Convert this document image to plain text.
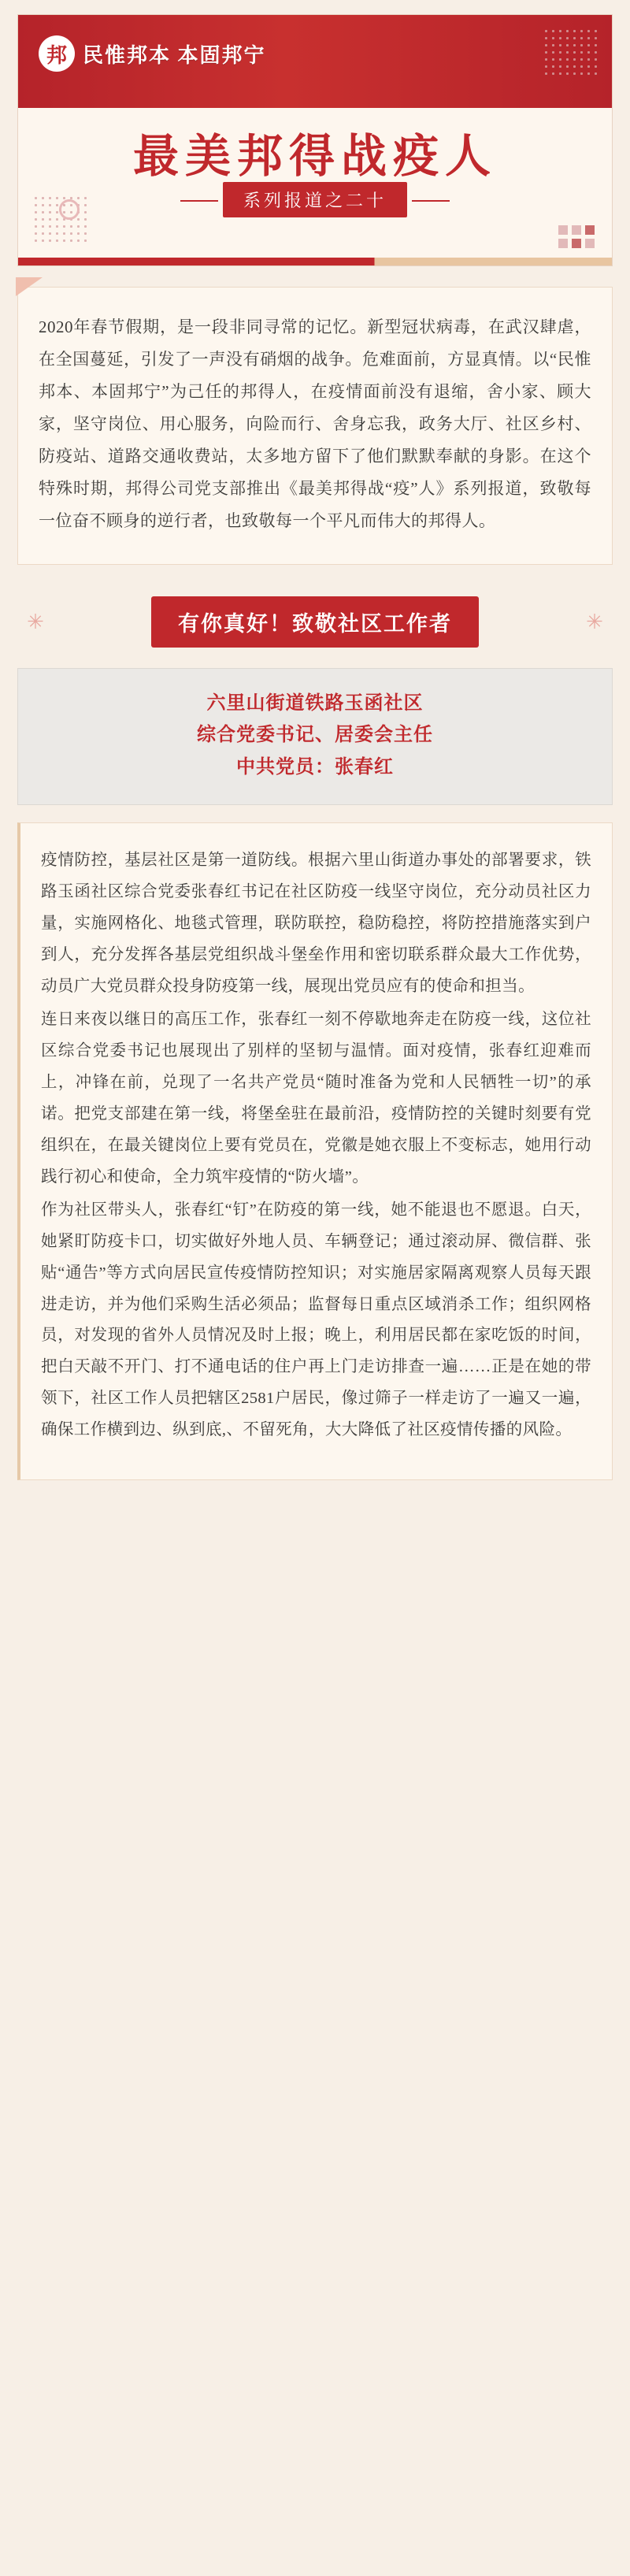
邦 民惟邦本 本固邦宁
最美邦得战疫人
系列报道之二十

2020年春节假期，是一段非同寻常的记忆。新型冠状病毒，在武汉肆虐，在全国蔓延，引发了一声没有硝烟的战争。危难面前，方显真情。以“民惟邦本、本固邦宁”为己任的邦得人，在疫情面前没有退缩，舍小家、顾大家，坚守岗位、用心服务，向险而行、舍身忘我，政务大厅、社区乡村、防疫站、道路交通收费站，太多地方留下了他们默默奉献的身影。在这个特殊时期，邦得公司党支部推出《最美邦得战“疫”人》系列报道，致敬每一位奋不顾身的逆行者，也致敬每一个平凡而伟大的邦得人。

✳	有你真好！致敬社区工作者	✳
六里山街道铁路玉函社区
综合党委书记、居委会主任
中共党员：张春红

疫情防控，基层社区是第一道防线。根据六里山街道办事处的部署要求，铁路玉函社区综合党委张春红书记在社区防疫一线坚守岗位，充分动员社区力量，实施网格化、地毯式管理，联防联控，稳防稳控，将防控措施落实到户到人，充分发挥各基层党组织战斗堡垒作用和密切联系群众最大工作优势，动员广大党员群众投身防疫第一线，展现出党员应有的使命和担当。

连日来夜以继日的高压工作，张春红一刻不停歇地奔走在防疫一线，这位社区综合党委书记也展现出了别样的坚韧与温情。面对疫情，张春红迎难而上，冲锋在前，兑现了一名共产党员“随时准备为党和人民牺牲一切”的承诺。把党支部建在第一线，将堡垒驻在最前沿，疫情防控的关键时刻要有党组织在，在最关键岗位上要有党员在，党徽是她衣服上不变标志，她用行动践行初心和使命，全力筑牢疫情的“防火墙”。

作为社区带头人，张春红“钉”在防疫的第一线，她不能退也不愿退。白天，她紧盯防疫卡口，切实做好外地人员、车辆登记；通过滚动屏、微信群、张贴“通告”等方式向居民宣传疫情防控知识；对实施居家隔离观察人员每天跟进走访，并为他们采购生活必须品；监督每日重点区域消杀工作；组织网格员，对发现的省外人员情况及时上报；晚上，利用居民都在家吃饭的时间，把白天敲不开门、打不通电话的住户再上门走访排查一遍……正是在她的带领下，社区工作人员把辖区2581户居民，像过筛子一样走访了一遍又一遍，确保工作横到边、纵到底,、不留死角，大大降低了社区疫情传播的风险。
